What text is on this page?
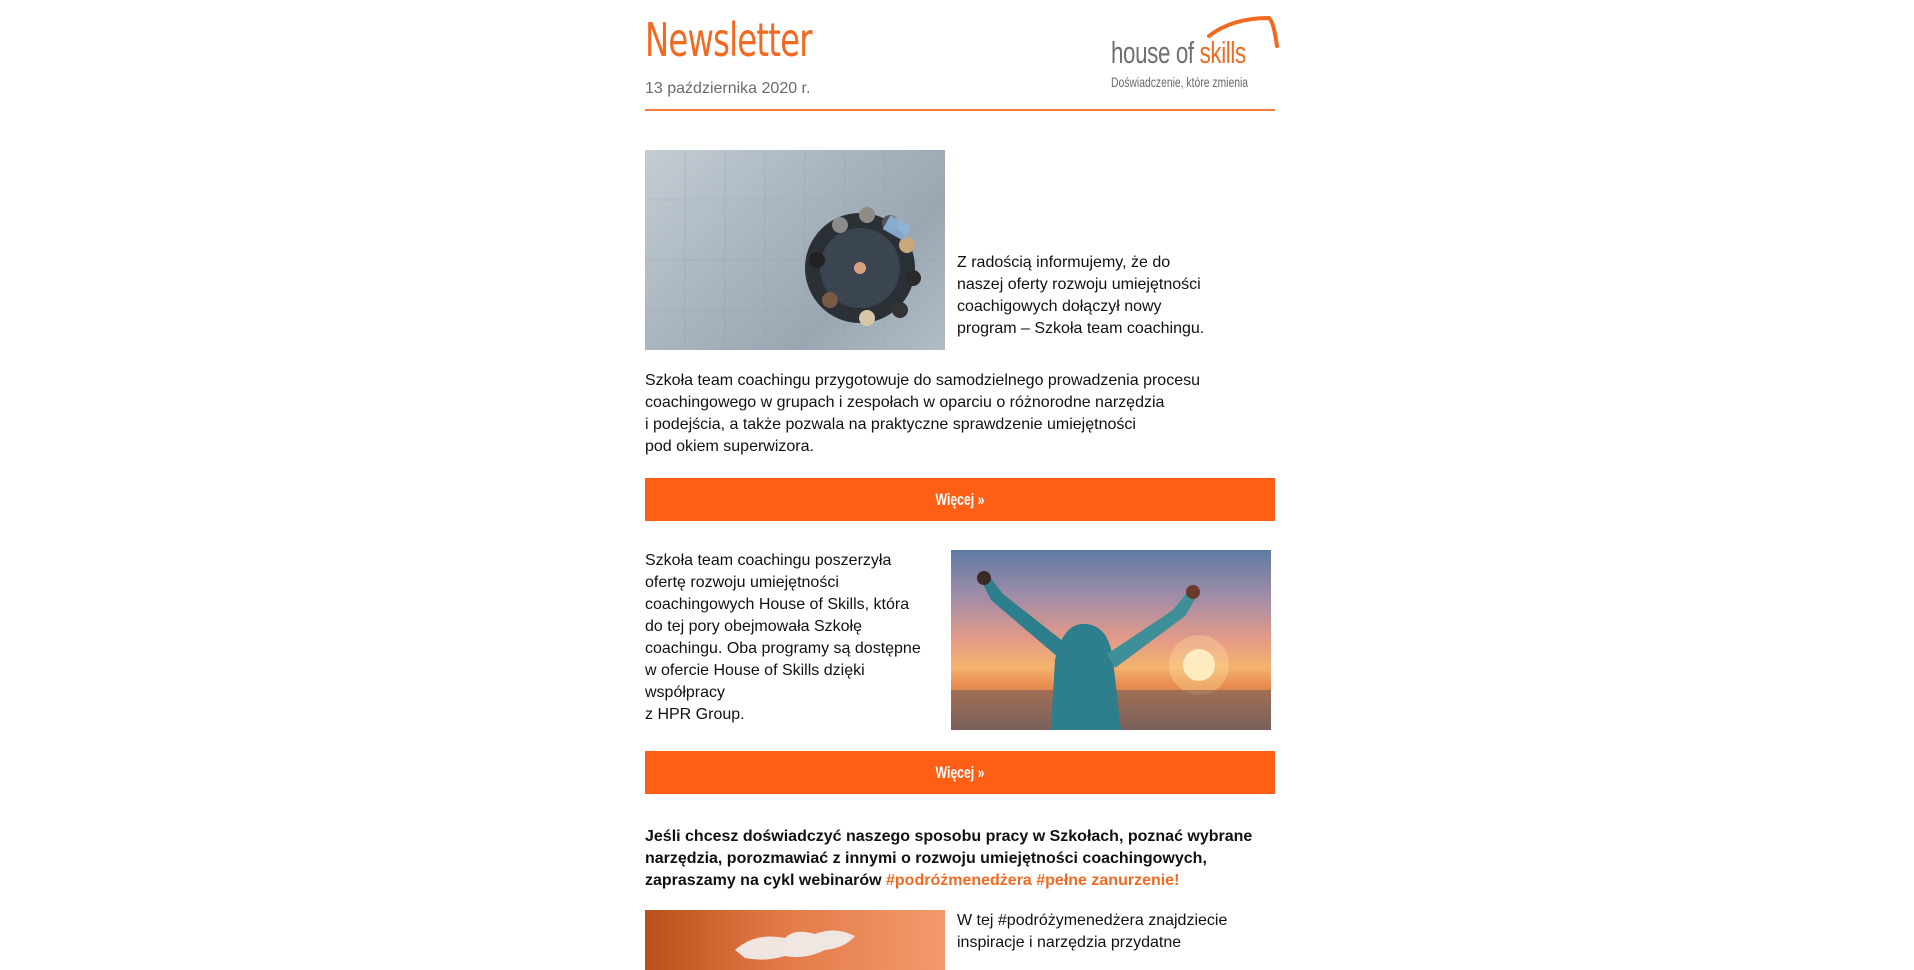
Newsletter
13 października 2020 r.
house of skills
Doświadczenie, które zmienia
Z radością informujemy, że do
naszej oferty rozwoju umiejętności
coachigowych dołączył nowy
program – Szkoła team coachingu.
Szkoła team coachingu przygotowuje do samodzielnego prowadzenia procesu
coachingowego w grupach i zespołach w oparciu o różnorodne narzędzia
i podejścia, a także pozwala na praktyczne sprawdzenie umiejętności
pod okiem superwizora.
Więcej »
Szkoła team coachingu poszerzyła
ofertę rozwoju umiejętności
coachingowych House of Skills, która
do tej pory obejmowała Szkołę
coachingu. Oba programy są dostępne
w ofercie House of Skills dzięki
współpracy
z HPR Group.
Więcej »
Jeśli chcesz doświadczyć naszego sposobu pracy w Szkołach, poznać wybrane
narzędzia, porozmawiać z innymi o rozwoju umiejętności coachingowych,
zapraszamy na cykl webinarów #podróżmenedżera #pełne zanurzenie!
W tej #podróżymenedżera znajdziecie
inspiracje i narzędzia przydatne
